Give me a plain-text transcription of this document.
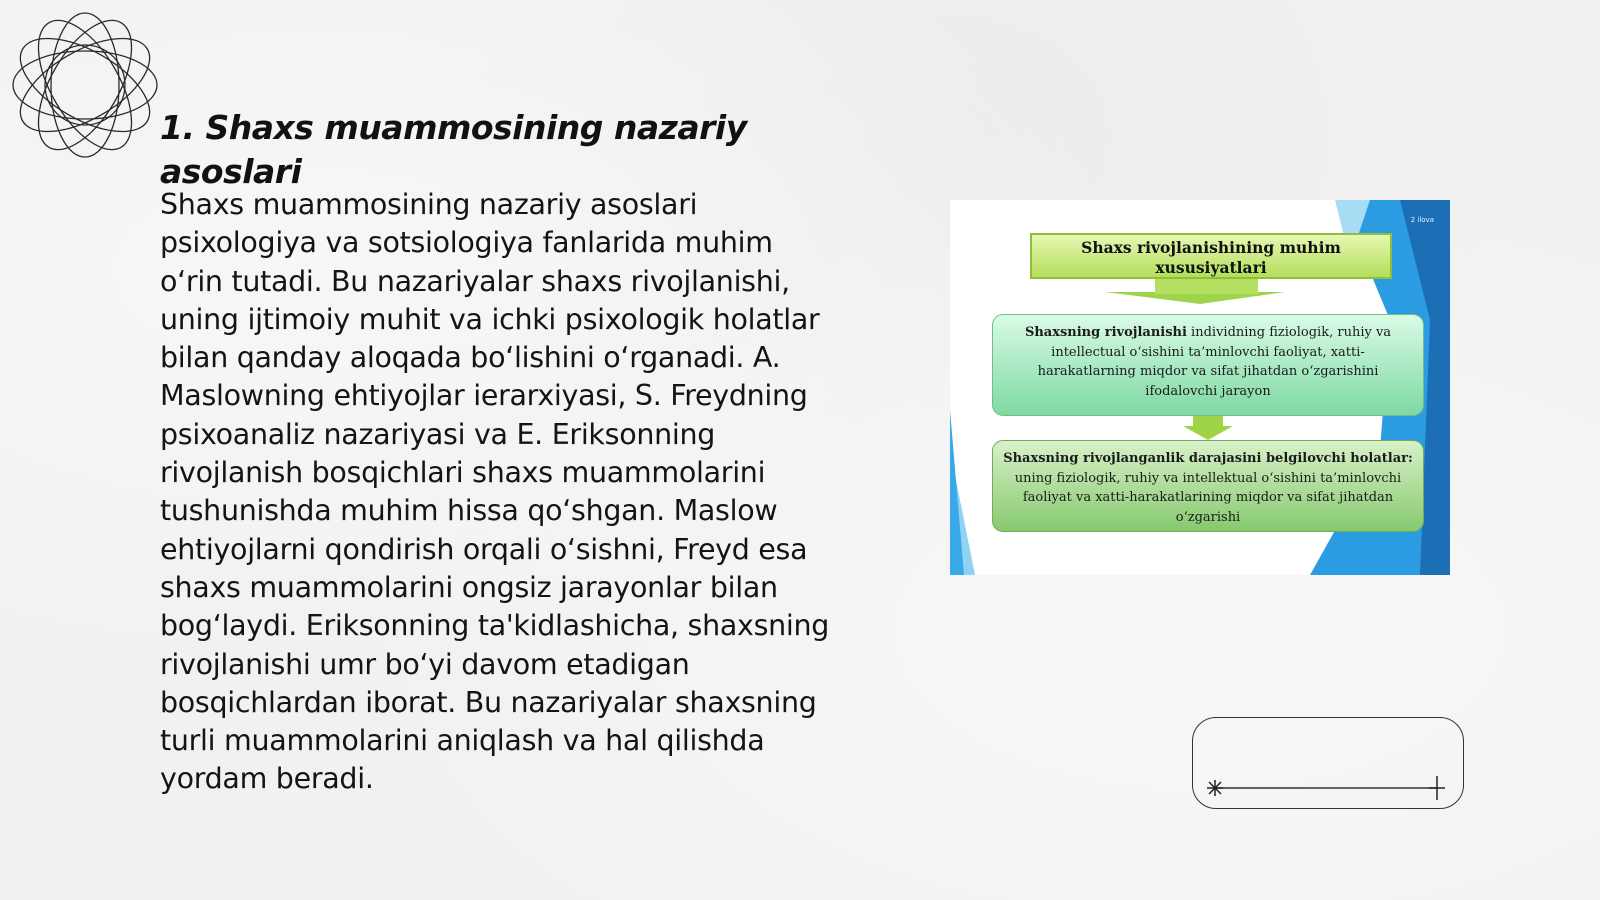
1. Shaxs muammosining nazariy asoslari

Shaxs muammosining nazariy asoslari psixologiya va sotsiologiya fanlarida muhim o‘rin tutadi. Bu nazariyalar shaxs rivojlanishi, uning ijtimoiy muhit va ichki psixologik holatlar bilan qanday aloqada bo‘lishini o‘rganadi. A. Maslowning ehtiyojlar ierarxiyasi, S. Freydning psixoanaliz nazariyasi va E. Eriksonning rivojlanish bosqichlari shaxs muammolarini tushunishda muhim hissa qo‘shgan. Maslow ehtiyojlarni qondirish orqali o‘sishni, Freyd esa shaxs muammolarini ongsiz jarayonlar bilan bog‘laydi. Eriksonning ta'kidlashicha, shaxsning rivojlanishi umr bo‘yi davom etadigan bosqichlardan iborat. Bu nazariyalar shaxsning turli muammolarini aniqlash va hal qilishda yordam beradi.

2 ilova
Shaxs rivojlanishining muhim xususiyatlari
Shaxsning rivojlanishi individning fiziologik, ruhiy va intellectual o‘sishini ta’minlovchi faoliyat, xatti-harakatlarning miqdor va sifat jihatdan o‘zgarishini ifodalovchi jarayon
Shaxsning rivojlanganlik darajasini belgilovchi holatlar: uning fiziologik, ruhiy va intellektual o‘sishini ta’minlovchi faoliyat va xatti-harakatlarining miqdor va sifat jihatdan o‘zgarishi
